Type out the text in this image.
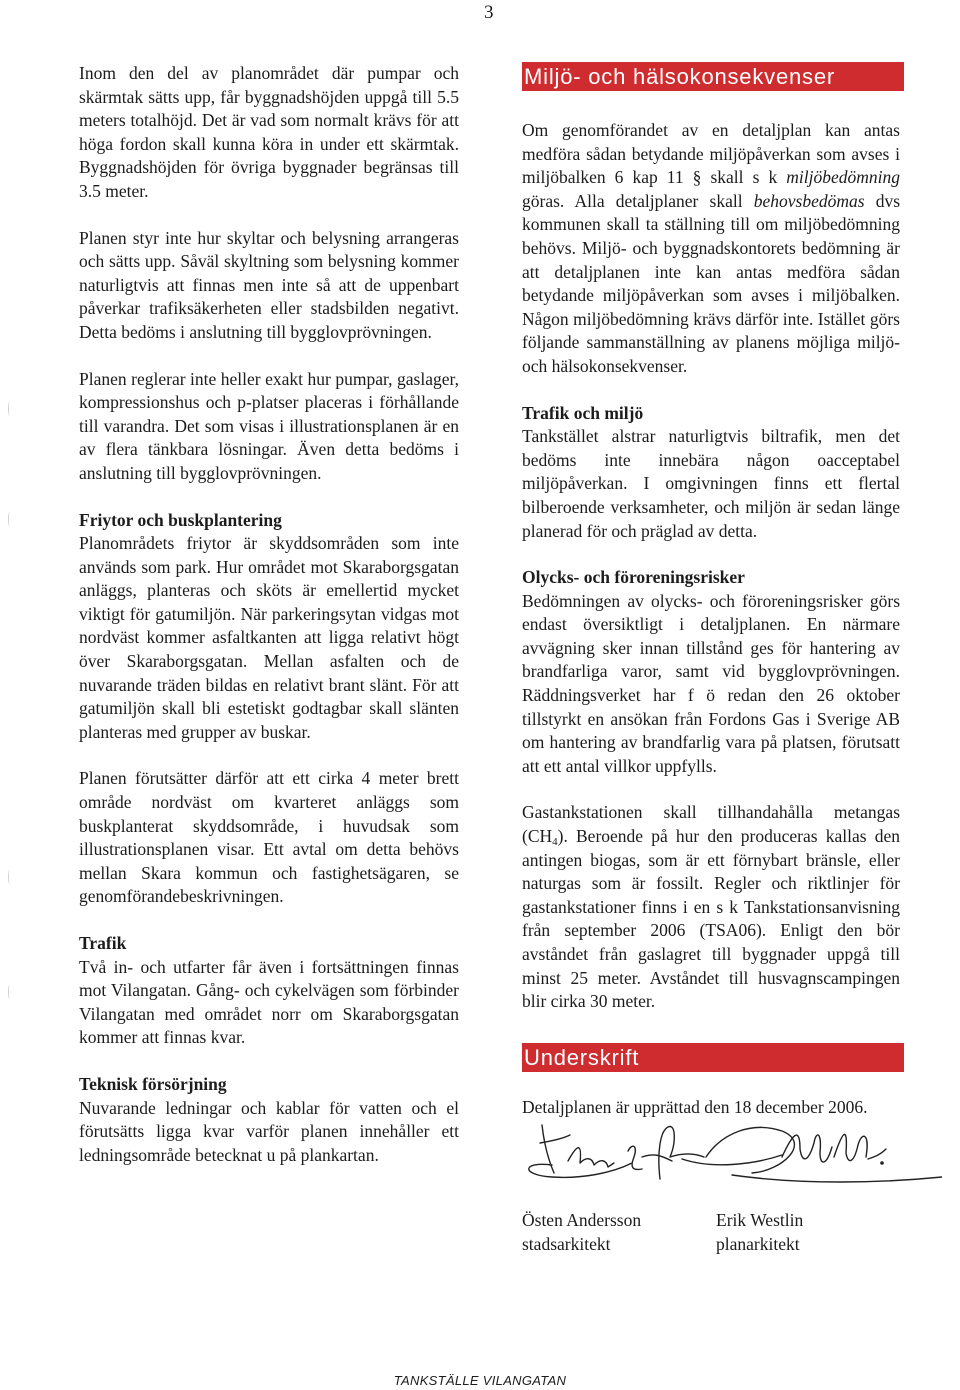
3

Inom den del av planområdet där pumpar och skärmtak sätts upp, får byggnadshöjden uppgå till 5.5 meters totalhöjd. Det är vad som normalt krävs för att höga fordon skall kunna köra in under ett skärmtak. Byggnadshöjden för övriga byggnader begränsas till 3.5 meter.

Planen styr inte hur skyltar och belysning arrangeras och sätts upp. Såväl skyltning som belysning kommer naturligtvis att finnas men inte så att de uppenbart påverkar trafiksäkerheten eller stadsbilden negativt. Detta bedöms i anslutning till bygglovprövningen.

Planen reglerar inte heller exakt hur pumpar, gaslager, kompressionshus och p-platser placeras i förhållande till varandra. Det som visas i illustrationsplanen är en av flera tänkbara lösningar. Även detta bedöms i anslutning till bygglovprövningen.

Friytor och buskplantering

Planområdets friytor är skyddsområden som inte används som park. Hur området mot Skaraborgsgatan anläggs, planteras och sköts är emellertid mycket viktigt för gatumiljön. När parkeringsytan vidgas mot nordväst kommer asfaltkanten att ligga relativt högt över Skaraborgsgatan. Mellan asfalten och de nuvarande träden bildas en relativt brant slänt. För att gatumiljön skall bli estetiskt godtagbar skall slänten planteras med grupper av buskar.

Planen förutsätter därför att ett cirka 4 meter brett område nordväst om kvarteret anläggs som buskplanterat skyddsområde, i huvudsak som illustrationsplanen visar. Ett avtal om detta behövs mellan Skara kommun och fastighetsägaren, se genomförandebeskrivningen.

Trafik

Två in- och utfarter får även i fortsättningen finnas mot Vilangatan. Gång- och cykelvägen som förbinder Vilangatan med området norr om Skaraborgsgatan kommer att finnas kvar.

Teknisk försörjning

Nuvarande ledningar och kablar för vatten och el förutsätts ligga kvar varför planen innehåller ett ledningsområde betecknat u på plankartan.

Miljö- och hälsokonsekvenser

Om genomförandet av en detaljplan kan antas medföra sådan betydande miljöpåverkan som avses i miljöbalken 6 kap 11 § skall s k miljöbedömning göras. Alla detaljplaner skall behovsbedömas dvs kommunen skall ta ställning till om miljöbedömning behövs. Miljö- och byggnadskontorets bedömning är att detaljplanen inte kan antas medföra sådan betydande miljöpåverkan som avses i miljöbalken. Någon miljöbedömning krävs därför inte. Istället görs följande sammanställning av planens möjliga miljö- och hälsokonsekvenser.

Trafik och miljö

Tankstället alstrar naturligtvis biltrafik, men det bedöms inte innebära någon oacceptabel miljöpåverkan. I omgivningen finns ett flertal bilberoende verksamheter, och miljön är sedan länge planerad för och präglad av detta.

Olycks- och föroreningsrisker

Bedömningen av olycks- och föroreningsrisker görs endast översiktligt i detaljplanen. En närmare avvägning sker innan tillstånd ges för hantering av brandfarliga varor, samt vid bygglovprövningen. Räddningsverket har f ö redan den 26 oktober tillstyrkt en ansökan från Fordons Gas i Sverige AB om hantering av brandfarlig vara på platsen, förutsatt att ett antal villkor uppfylls.

Gastankstationen skall tillhandahålla metangas $(CH_4)$. Beroende på hur den produceras kallas den antingen biogas, som är ett förnybart bränsle, eller naturgas som är fossilt. Regler och riktlinjer för gastankstationer finns i en s k Tankstationsanvisning från september 2006 (TSA06). Enligt den bör avståndet från gaslagret till byggnader uppgå till minst 25 meter. Avståndet till husvagnscampingen blir cirka 30 meter.

Underskrift

Detaljplanen är upprättad den 18 december 2006.

Östen Andersson
stadsarkitekt
Erik Westlin
planarkitekt
TANKSTÄLLE VILANGATAN
